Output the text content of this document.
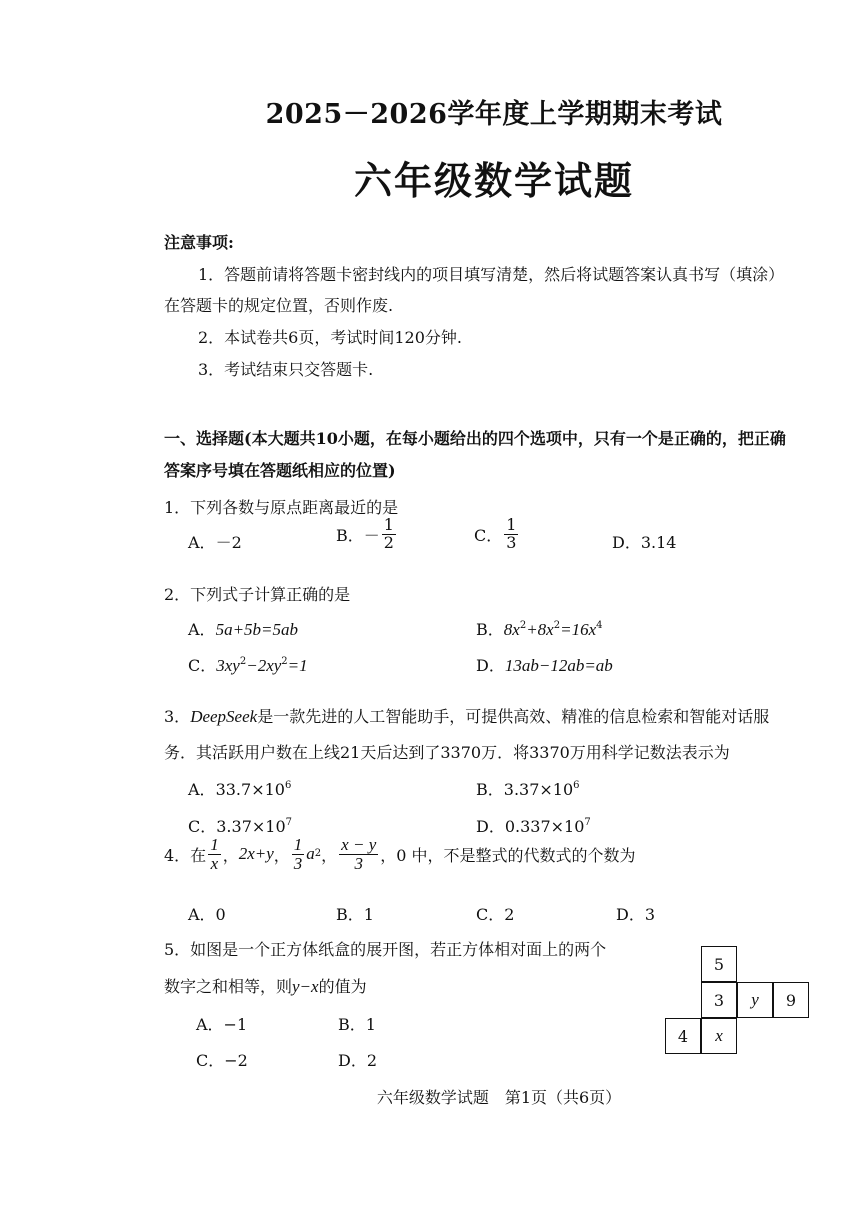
2025－2026学年度上学期期末考试
六年级数学试题
注意事项:
1．答题前请将答题卡密封线内的项目填写清楚，然后将试题答案认真书写（填涂）
在答题卡的规定位置，否则作废.
2．本试卷共6页，考试时间120分钟.
3．考试结束只交答题卡.
一、选择题(本大题共10小题，在每小题给出的四个选项中，只有一个是正确的，把正确
答案序号填在答题纸相应的位置)
1．下列各数与原点距离最近的是
A．－2	B． － $\frac{1}{2}$	C． $\frac{1}{3}$	D．3.14
2．下列式子计算正确的是
A．5a+5b=5ab	B．$8x^2+8x^2=16x^4$
C．$3xy^2-2xy^2=1$	D．13ab−12ab=ab
3．DeepSeek是一款先进的人工智能助手，可提供高效、精准的信息检索和智能对话服
务．其活跃用户数在上线21天后达到了3370万．将3370万用科学记数法表示为
A．$33.7\times 10^6$	B．$3.37\times 10^6$
C．$3.37\times 10^7$	D．$0.337\times 10^7$
4．在 $\frac{1}{x}$ ， 2x+y ， $\frac{1}{3}$ a 2 ， $\frac{x - y}{3}$ ，0 中，不是整式的代数式的个数为
A．0	B．1	C．2	D．3
5．如图是一个正方体纸盒的展开图，若正方体相对面上的两个
数字之和相等，则y−x的值为
A．−1	B．1
C．−2	D．2
5
3	y	9
4	x
六年级数学试题　第1页（共6页）
